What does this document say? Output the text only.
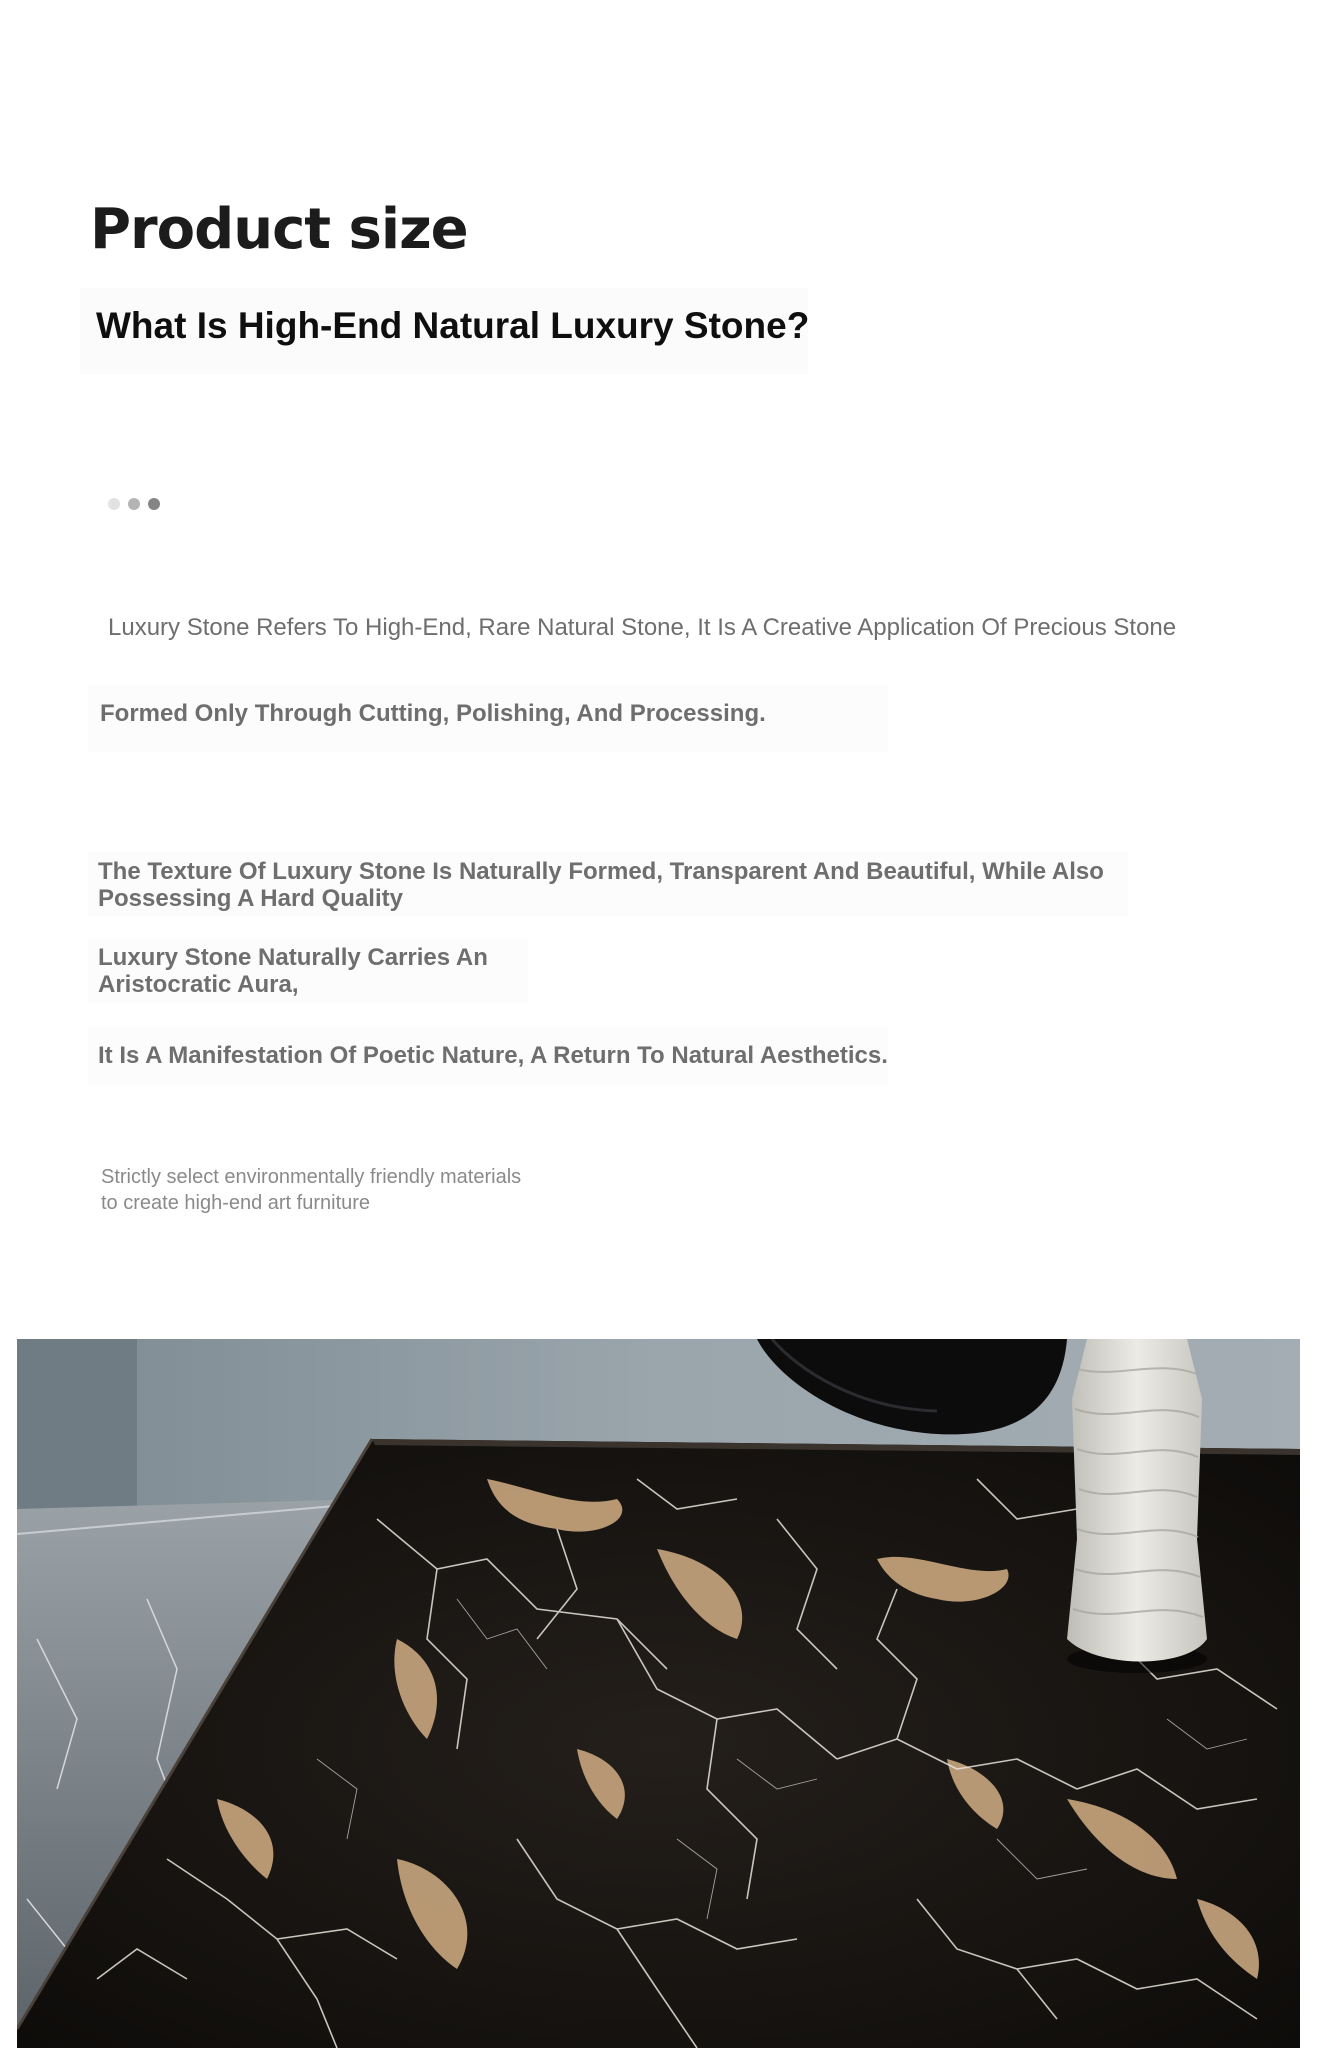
Product size
What Is High-End Natural Luxury Stone?
Luxury Stone Refers To High-End, Rare Natural Stone, It Is A Creative Application Of Precious Stone
Formed Only Through Cutting, Polishing, And Processing.
The Texture Of Luxury Stone Is Naturally Formed, Transparent And Beautiful, While Also Possessing A Hard Quality
Luxury Stone Naturally Carries An Aristocratic Aura,
It Is A Manifestation Of Poetic Nature, A Return To Natural Aesthetics.
Strictly select environmentally friendly materials
to create high-end art furniture
